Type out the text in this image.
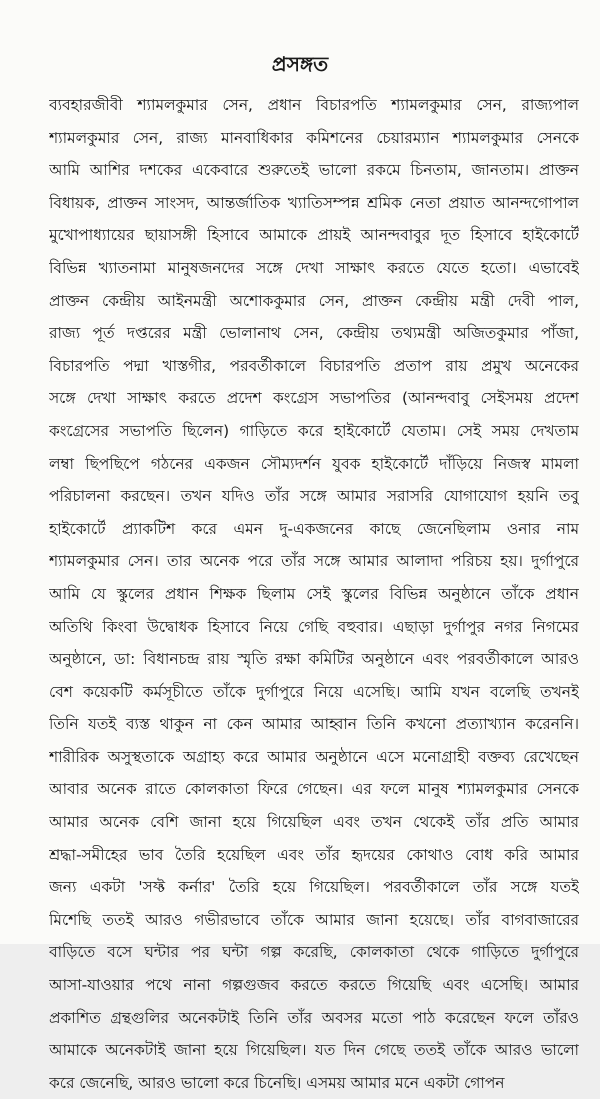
প্রসঙ্গত
ব্যবহারজীবী শ্যামলকুমার সেন, প্রধান বিচারপতি শ্যামলকুমার সেন, রাজ্যপাল
শ্যামলকুমার সেন, রাজ্য মানবাধিকার কমিশনের চেয়ারম্যান শ্যামলকুমার সেনকে
আমি আশির দশকের একেবারে শুরুতেই ভালো রকমে চিনতাম, জানতাম। প্রাক্তন
বিধায়ক, প্রাক্তন সাংসদ, আন্তর্জাতিক খ্যাতিসম্পন্ন শ্রমিক নেতা প্রয়াত আনন্দগোপাল
মুখোপাধ্যায়ের ছায়াসঙ্গী হিসাবে আমাকে প্রায়ই আনন্দবাবুর দূত হিসাবে হাইকোর্টে
বিভিন্ন খ্যাতনামা মানুষজনদের সঙ্গে দেখা সাক্ষাৎ করতে যেতে হতো। এভাবেই
প্রাক্তন কেন্দ্রীয় আইনমন্ত্রী অশোককুমার সেন, প্রাক্তন কেন্দ্রীয় মন্ত্রী দেবী পাল,
রাজ্য পূর্ত দপ্তরের মন্ত্রী ভোলানাথ সেন, কেন্দ্রীয় তথ্যমন্ত্রী অজিতকুমার পাঁজা,
বিচারপতি পদ্মা খাস্তগীর, পরবর্তীকালে বিচারপতি প্রতাপ রায় প্রমুখ অনেকের
সঙ্গে দেখা সাক্ষাৎ করতে প্রদেশ কংগ্রেস সভাপতির (আনন্দবাবু সেইসময় প্রদেশ
কংগ্রেসের সভাপতি ছিলেন) গাড়িতে করে হাইকোর্টে যেতাম। সেই সময় দেখতাম
লম্বা ছিপছিপে গঠনের একজন সৌম্যদর্শন যুবক হাইকোর্টে দাঁড়িয়ে নিজস্ব মামলা
পরিচালনা করছেন। তখন যদিও তাঁর সঙ্গে আমার সরাসরি যোগাযোগ হয়নি তবু
হাইকোর্টে প্র্যাকটিশ করে এমন দু-একজনের কাছে জেনেছিলাম ওনার নাম
শ্যামলকুমার সেন। তার অনেক পরে তাঁর সঙ্গে আমার আলাদা পরিচয় হয়। দুর্গাপুরে
আমি যে স্কুলের প্রধান শিক্ষক ছিলাম সেই স্কুলের বিভিন্ন অনুষ্ঠানে তাঁকে প্রধান
অতিথি কিংবা উদ্বোধক হিসাবে নিয়ে গেছি বহুবার। এছাড়া দুর্গাপুর নগর নিগমের
অনুষ্ঠানে, ডা: বিধানচন্দ্র রায় স্মৃতি রক্ষা কমিটির অনুষ্ঠানে এবং পরবর্তীকালে আরও
বেশ কয়েকটি কর্মসূচীতে তাঁকে দুর্গাপুরে নিয়ে এসেছি। আমি যখন বলেছি তখনই
তিনি যতই ব্যস্ত থাকুন না কেন আমার আহ্বান তিনি কখনো প্রত্যাখ্যান করেননি।
শারীরিক অসুস্থতাকে অগ্রাহ্য করে আমার অনুষ্ঠানে এসে মনোগ্রাহী বক্তব্য রেখেছেন
আবার অনেক রাতে কোলকাতা ফিরে গেছেন। এর ফলে মানুষ শ্যামলকুমার সেনকে
আমার অনেক বেশি জানা হয়ে গিয়েছিল এবং তখন থেকেই তাঁর প্রতি আমার
শ্রদ্ধা-সমীহের ভাব তৈরি হয়েছিল এবং তাঁর হৃদয়ের কোথাও বোধ করি আমার
জন্য একটা 'সফ্ট কর্নার' তৈরি হয়ে গিয়েছিল। পরবর্তীকালে তাঁর সঙ্গে যতই
মিশেছি ততই আরও গভীরভাবে তাঁকে আমার জানা হয়েছে। তাঁর বাগবাজারের
বাড়িতে বসে ঘন্টার পর ঘন্টা গল্প করেছি, কোলকাতা থেকে গাড়িতে দুর্গাপুরে
আসা-যাওয়ার পথে নানা গল্পগুজব করতে করতে গিয়েছি এবং এসেছি। আমার
প্রকাশিত গ্রন্থগুলির অনেকটাই তিনি তাঁর অবসর মতো পাঠ করেছেন ফলে তাঁরও
আমাকে অনেকটাই জানা হয়ে গিয়েছিল। যত দিন গেছে ততই তাঁকে আরও ভালো
করে জেনেছি, আরও ভালো করে চিনেছি। এসময় আমার মনে একটা গোপন
